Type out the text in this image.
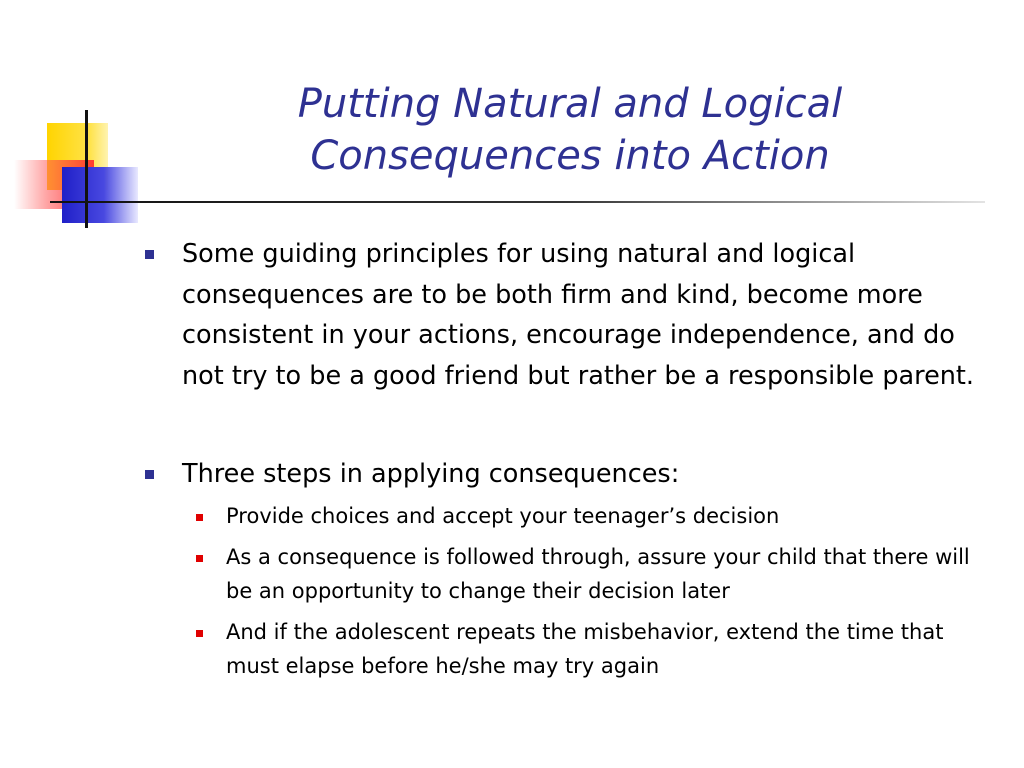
Putting Natural and Logical
Consequences into Action
Some guiding principles for using natural and logical consequences are to be both firm and kind, become more consistent in your actions, encourage independence, and do not try to be a good friend but rather be a responsible parent.
Three steps in applying consequences:
Provide choices and accept your teenager’s decision
As a consequence is followed through, assure your child that there will be an opportunity to change their decision later
And if the adolescent repeats the misbehavior, extend the time that must elapse before he/she may try again
